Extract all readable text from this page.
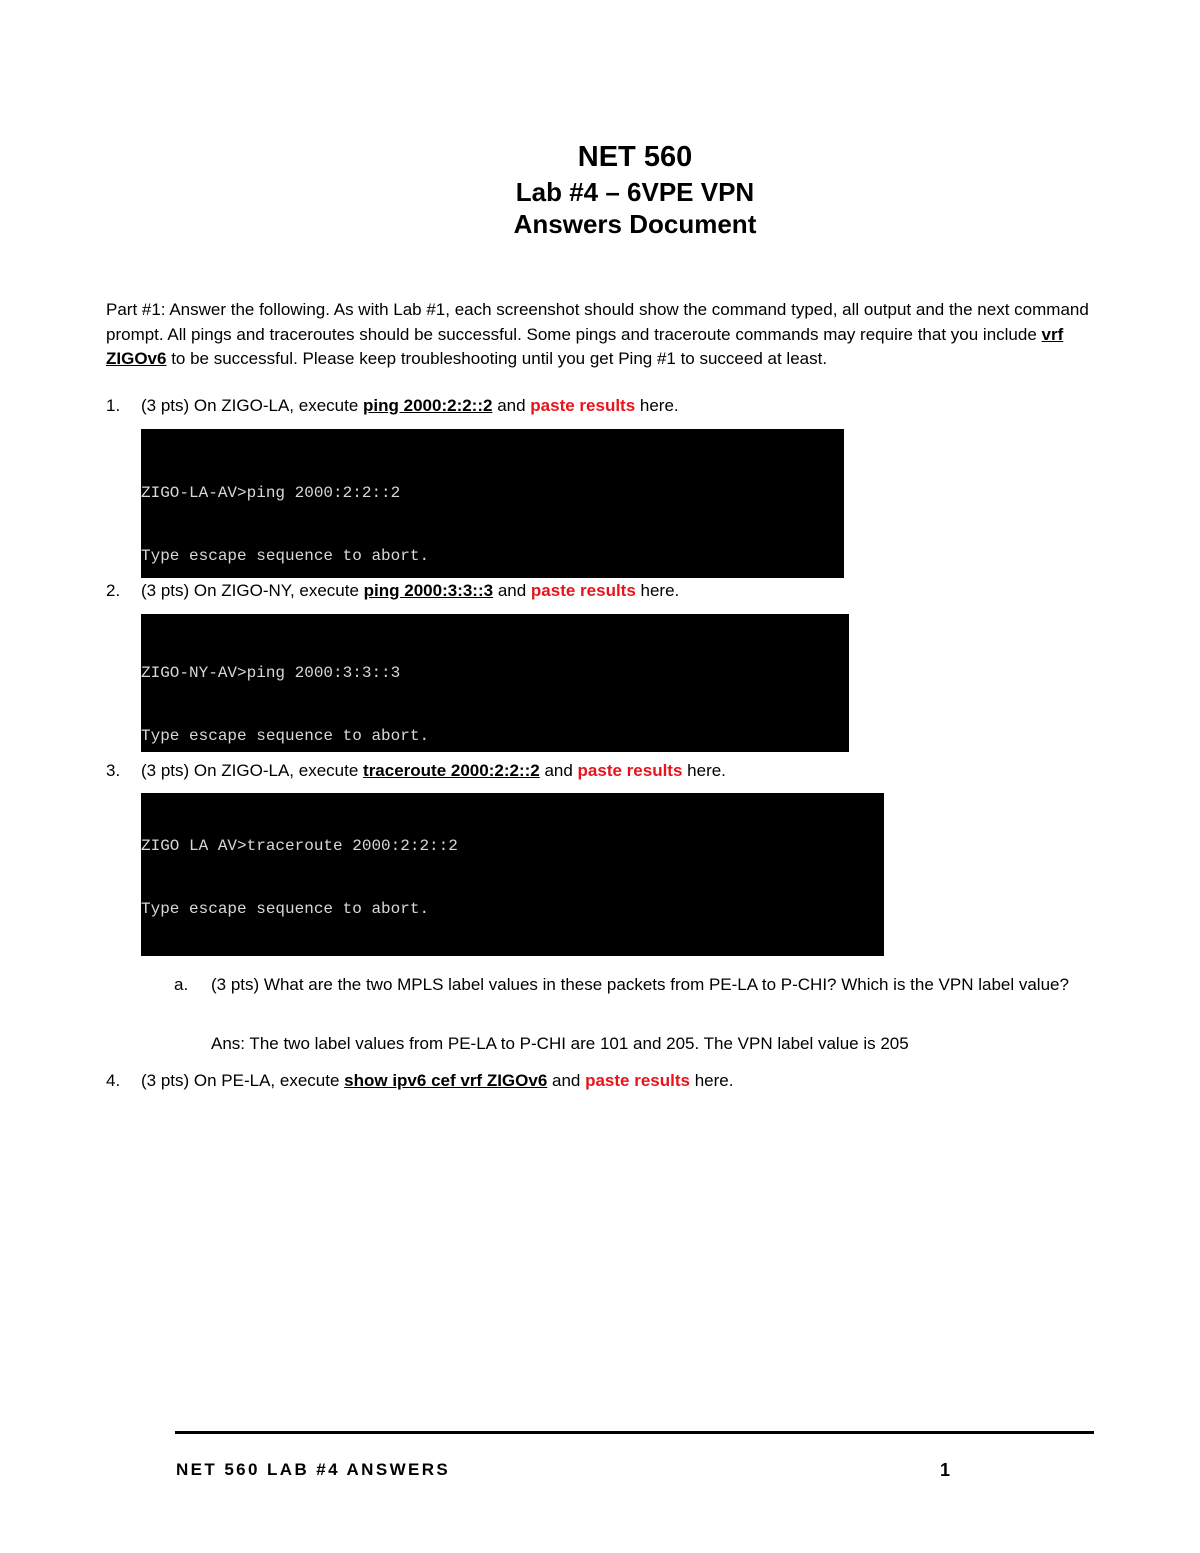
NET 560
Lab #4 – 6VPE VPN
Answers Document
Part #1: Answer the following. As with Lab #1, each screenshot should show the command typed, all output and the next command prompt. All pings and traceroutes should be successful. Some pings and traceroute commands may require that you include vrf ZIGOv6 to be successful. Please keep troubleshooting until you get Ping #1 to succeed at least.
1. (3 pts) On ZIGO-LA, execute ping 2000:2:2::2 and paste results here.

ZIGO-LA-AV>ping 2000:2:2::2

Type escape sequence to abort.

2. (3 pts) On ZIGO-NY, execute ping 2000:3:3::3 and paste results here.

ZIGO-NY-AV>ping 2000:3:3::3

Type escape sequence to abort.

3. (3 pts) On ZIGO-LA, execute traceroute 2000:2:2::2 and paste results here.

ZIGO LA AV>traceroute 2000:2:2::2

Type escape sequence to abort.

a. (3 pts) What are the two MPLS label values in these packets from PE-LA to P-CHI? Which is the VPN label value?
Ans: The two label values from PE-LA to P-CHI are 101 and 205. The VPN label value is 205
4. (3 pts) On PE-LA, execute show ipv6 cef vrf ZIGOv6 and paste results here.
NET 560 LAB #4 ANSWERS	1
